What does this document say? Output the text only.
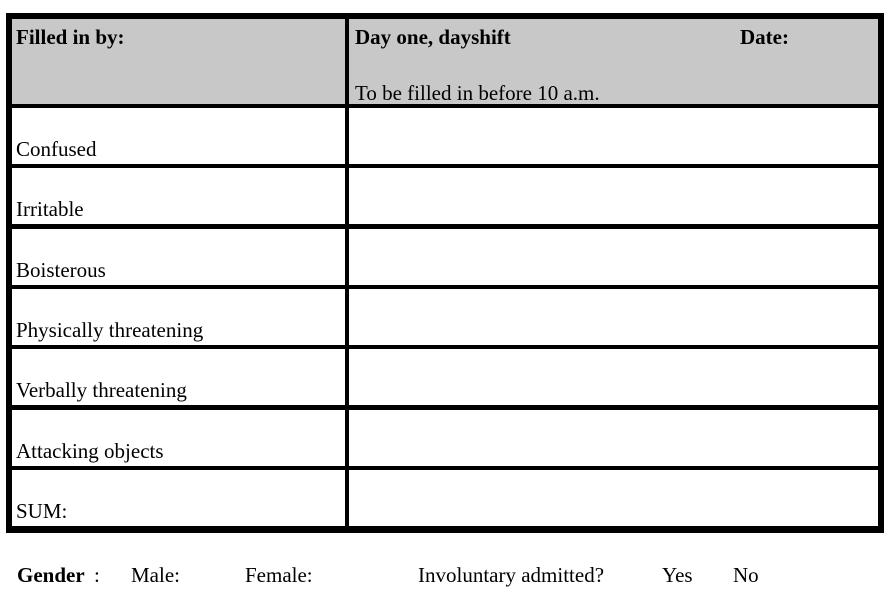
Filled in by:	Day one, dayshift	Date:
To be filled in before 10 a.m.
Confused
Irritable
Boisterous
Physically threatening
Verbally threatening
Attacking objects
SUM:
Gender : Male:	Female:	Involuntary admitted?	Yes No
